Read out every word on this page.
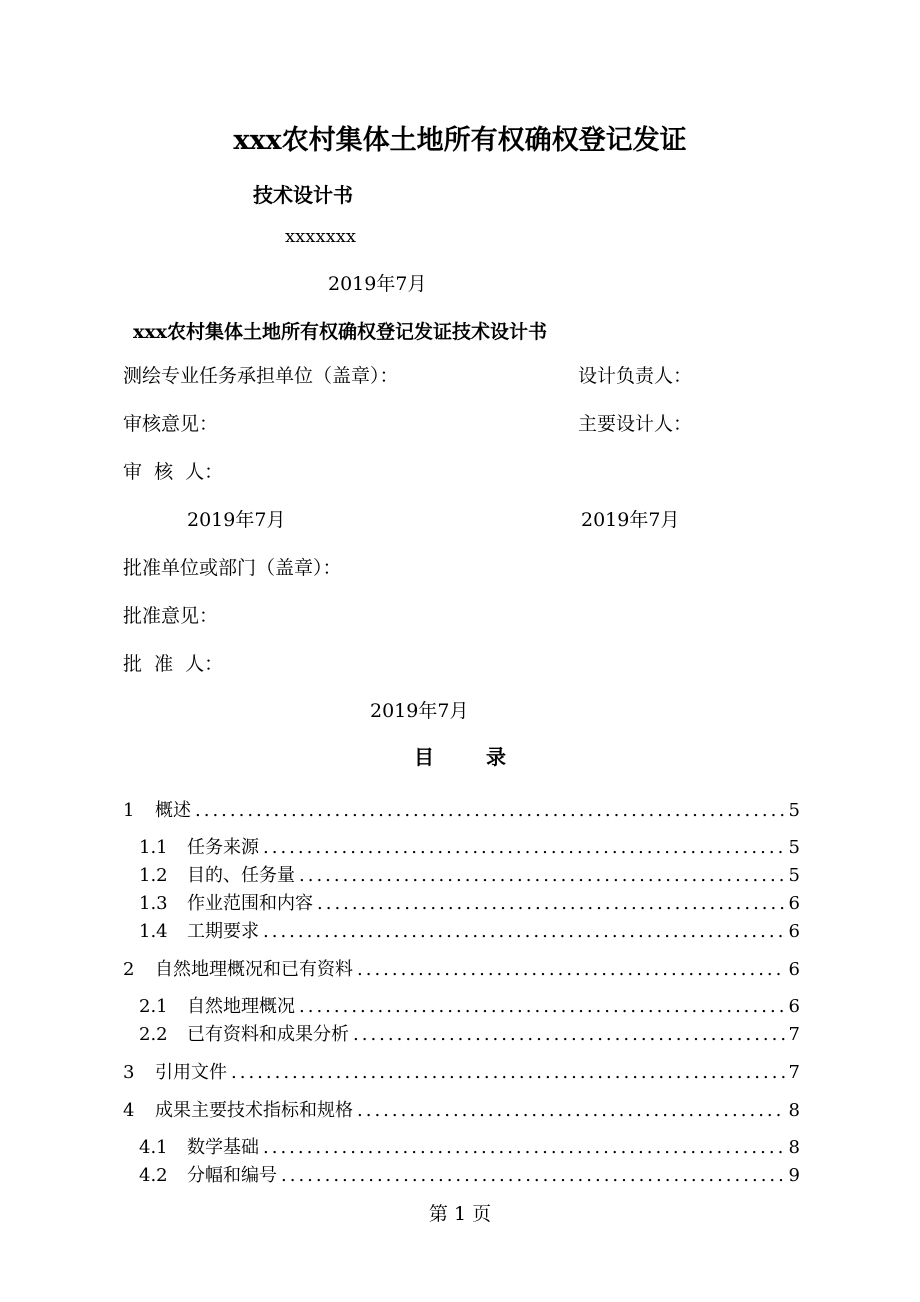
xxx农村集体土地所有权确权登记发证
技术设计书
xxxxxxx
2019年7月
xxx农村集体土地所有权确权登记发证技术设计书
测绘专业任务承担单位（盖章）：	设计负责人：
审核意见：	主要设计人：
审  核  人：
2019年7月	2019年7月
批准单位或部门（盖章）：
批准意见：
批  准  人：
2019年7月
目	录
1 概述 .....	5
1.1 任务来源 .....	5
1.2 目的、任务量 .....	5
1.3 作业范围和内容 .....	6
1.4 工期要求 .....	6
2 自然地理概况和已有资料 .....	6
2.1 自然地理概况 .....	6
2.2 已有资料和成果分析 .....	7
3 引用文件 .....	7
4 成果主要技术指标和规格 .....	8
4.1 数学基础 .....	8
4.2 分幅和编号 .....	9
第 1 页
